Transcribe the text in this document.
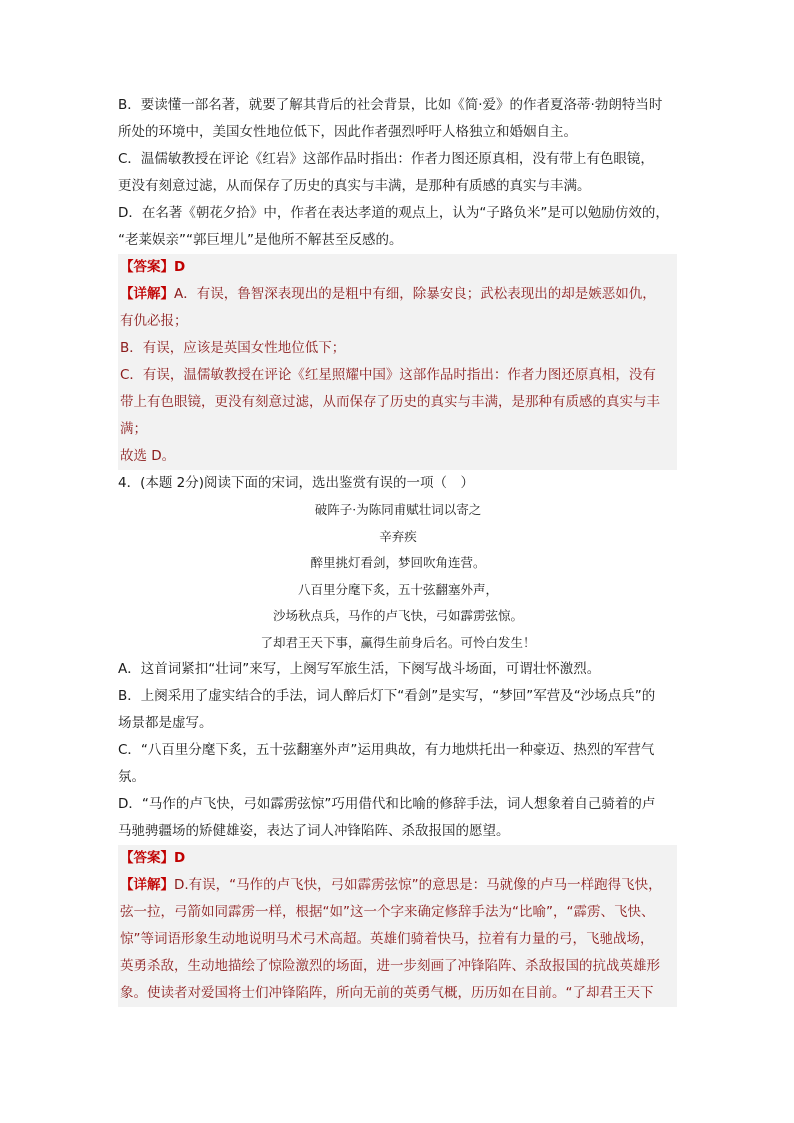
B．要读懂一部名著，就要了解其背后的社会背景，比如《简·爱》的作者夏洛蒂·勃朗特当时

所处的环境中，美国女性地位低下，因此作者强烈呼吁人格独立和婚姻自主。

C．温儒敏教授在评论《红岩》这部作品时指出：作者力图还原真相，没有带上有色眼镜，

更没有刻意过滤，从而保存了历史的真实与丰满，是那种有质感的真实与丰满。

D．在名著《朝花夕拾》中，作者在表达孝道的观点上，认为“子路负米”是可以勉励仿效的，

“老莱娱亲”“郭巨埋儿”是他所不解甚至反感的。

【答案】D

【详解】A．有误，鲁智深表现出的是粗中有细，除暴安良；武松表现出的却是嫉恶如仇，

有仇必报；

B．有误，应该是英国女性地位低下；

C．有误，温儒敏教授在评论《红星照耀中国》这部作品时指出：作者力图还原真相，没有

带上有色眼镜，更没有刻意过滤，从而保存了历史的真实与丰满，是那种有质感的真实与丰

满；

故选 D。

4．(本题 2分)阅读下面的宋词，选出鉴赏有误的一项（　）

破阵子·为陈同甫赋壮词以寄之

辛弃疾

醉里挑灯看剑，梦回吹角连营。

八百里分麾下炙，五十弦翻塞外声，

沙场秋点兵，马作的卢飞快，弓如霹雳弦惊。

了却君王天下事，赢得生前身后名。可怜白发生！

A．这首词紧扣“壮词”来写，上阕写军旅生活，下阕写战斗场面，可谓壮怀激烈。

B．上阕采用了虚实结合的手法，词人醉后灯下“看剑”是实写，“梦回”军营及“沙场点兵”的

场景都是虚写。

C．“八百里分麾下炙，五十弦翻塞外声”运用典故，有力地烘托出一种豪迈、热烈的军营气

氛。

D．“马作的卢飞快，弓如霹雳弦惊”巧用借代和比喻的修辞手法，词人想象着自己骑着的卢

马驰骋疆场的矫健雄姿，表达了词人冲锋陷阵、杀敌报国的愿望。

【答案】D

【详解】D.有误，“马作的卢飞快，弓如霹雳弦惊”的意思是：马就像的卢马一样跑得飞快，

弦一拉，弓箭如同霹雳一样，根据“如”这一个字来确定修辞手法为“比喻”，“霹雳、飞快、

惊”等词语形象生动地说明马术弓术高超。英雄们骑着快马，拉着有力量的弓，飞驰战场，

英勇杀敌，生动地描绘了惊险激烈的场面，进一步刻画了冲锋陷阵、杀敌报国的抗战英雄形

象。使读者对爱国将士们冲锋陷阵，所向无前的英勇气概，历历如在目前。“了却君王天下
